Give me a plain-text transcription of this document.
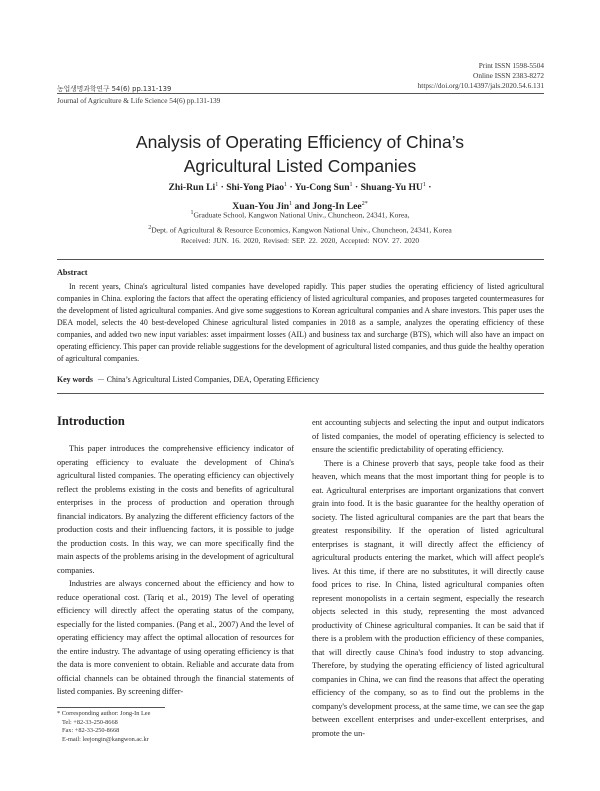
농업생명과학연구 54(6) pp.131-139
Print ISSN 1598-5504
Online ISSN 2383-8272
https://doi.org/10.14397/jals.2020.54.6.131
Journal of Agriculture & Life Science 54(6) pp.131-139
Analysis of Operating Efficiency of China’s
Agricultural Listed Companies
Zhi-Run $Li^1$ · Shi-Yong Piao$^1$ · Yu-Cong Sun$^1$ · Shuang-Yu $HU^1$ ·
Xuan-You Jin$^1$ and Jong-In Lee$^{2*}$
$^1$Graduate School, Kangwon National Univ., Chuncheon, 24341, Korea,
$^2$Dept. of Agricultural & Resource Economics, Kangwon National Univ., Chuncheon, 24341, Korea
Received: JUN. 16. 2020, Revised: SEP. 22. 2020, Accepted: NOV. 27. 2020
Abstract
In recent years, China's agricultural listed companies have developed rapidly. This paper studies the operating efficiency of listed agricultural companies in China. exploring the factors that affect the operating efficiency of listed agricultural companies, and proposes targeted countermeasures for the development of listed agricultural companies. And give some suggestions to Korean agricultural companies and A share investors. This paper uses the DEA model, selects the 40 best-developed Chinese agricultural listed companies in 2018 as a sample, analyzes the operating efficiency of these companies, and added two new input variables: asset impairment losses (AIL) and business tax and surcharge (BTS), which will also have an impact on operating efficiency. This paper can provide reliable suggestions for the development of agricultural listed companies, and thus guide the healthy operation of agricultural companies.
Key words － China’s Agricultural Listed Companies, DEA, Operating Efficiency
Introduction

This paper introduces the comprehensive efficiency indicator of operating efficiency to evaluate the development of China's agricultural listed companies. The operating efficiency can objectively reflect the problems existing in the costs and benefits of agricultural enterprises in the process of production and operation through financial indicators. By analyzing the different efficiency factors of the production costs and their influencing factors, it is possible to judge the production costs. In this way, we can more specifically find the main aspects of the problems arising in the development of agricultural companies.

Industries are always concerned about the efficiency and how to reduce operational cost. (Tariq et al., 2019) The level of operating efficiency will directly affect the operating status of the company, especially for the listed companies. (Pang et al., 2007) And the level of operating efficiency may affect the optimal allocation of resources for the entire industry. The advantage of using operating efficiency is that the data is more convenient to obtain. Reliable and accurate data from official channels can be obtained through the financial statements of listed companies. By screening differ-

ent accounting subjects and selecting the input and output indicators of listed companies, the model of operating efficiency is selected to ensure the scientific predictability of operating efficiency.

There is a Chinese proverb that says, people take food as their heaven, which means that the most important thing for people is to eat. Agricultural enterprises are important organizations that convert grain into food. It is the basic guarantee for the healthy operation of society. The listed agricultural companies are the part that bears the greatest responsibility. If the operation of listed agricultural enterprises is stagnant, it will directly affect the efficiency of agricultural products entering the market, which will affect people's lives. At this time, if there are no substitutes, it will directly cause food prices to rise. In China, listed agricultural companies often represent monopolists in a certain segment, especially the research objects selected in this study, representing the most advanced productivity of Chinese agricultural companies. It can be said that if there is a problem with the production efficiency of these companies, that will directly cause China's food industry to stop advancing. Therefore, by studying the operating efficiency of listed agricultural companies in China, we can find the reasons that affect the operating efficiency of the company, so as to find out the problems in the company's development process, at the same time, we can see the gap between excellent enterprises and under-excellent enterprises, and promote the un-

* Corresponding author: Jong-In Lee
Tel: +82-33-250-8668
Fax: +82-33-250-8668
E-mail: leejongin@kangwon.ac.kr
